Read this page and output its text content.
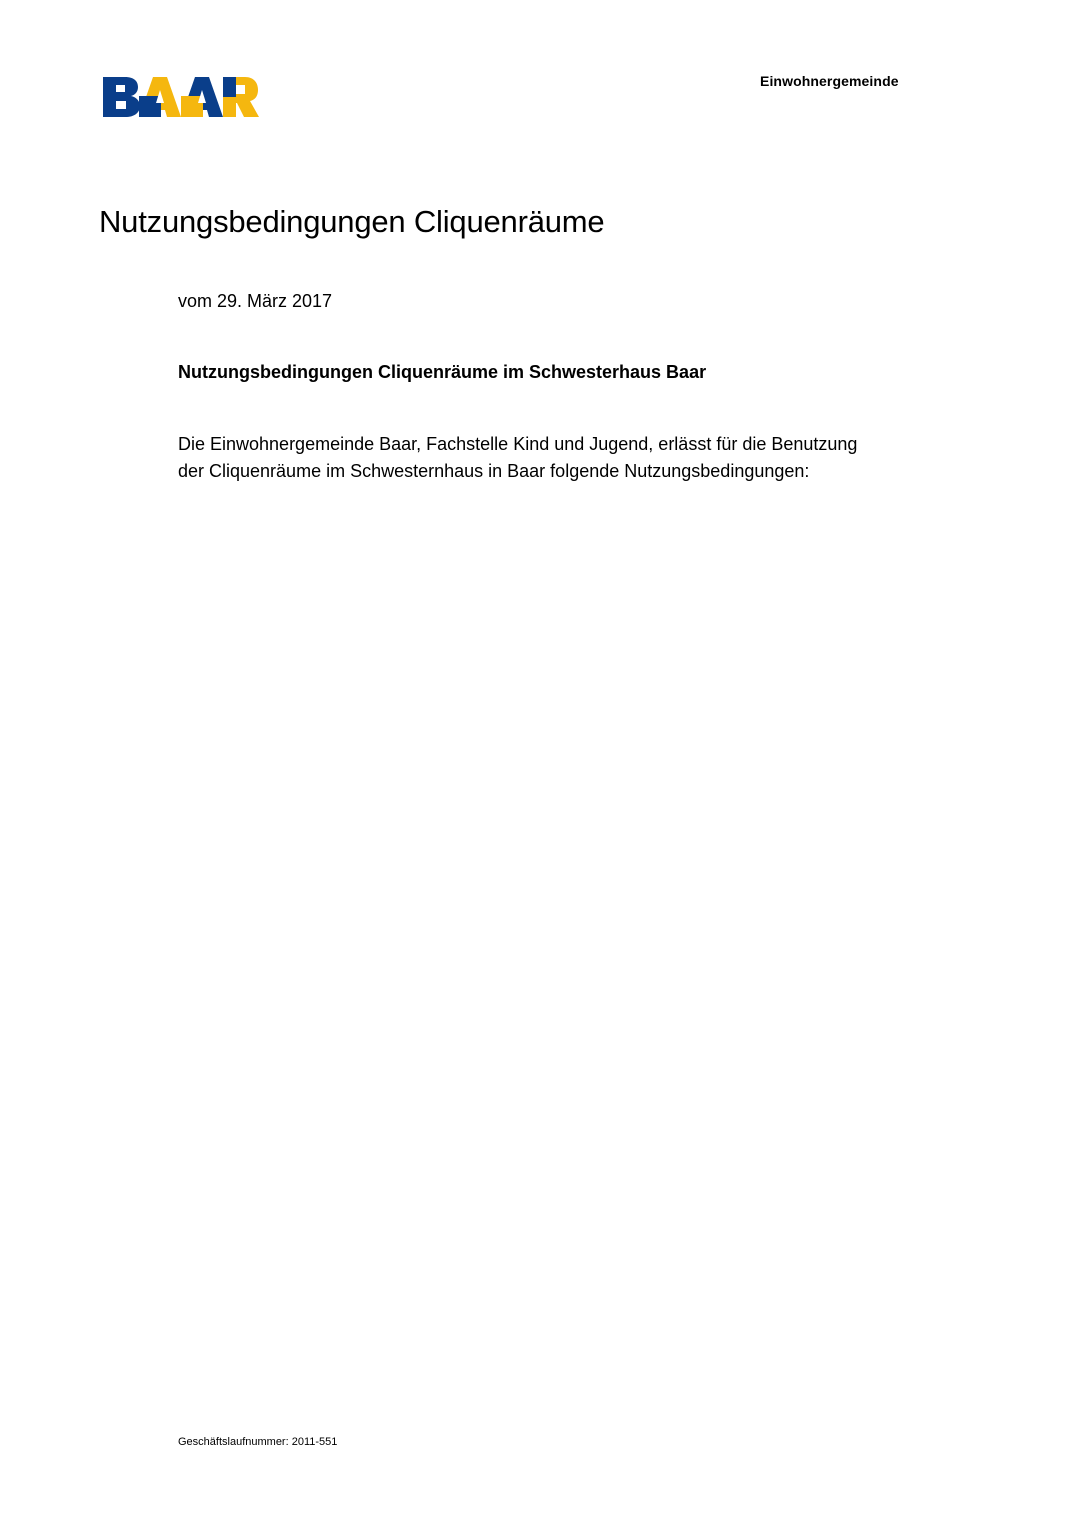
Einwohnergemeinde
Nutzungsbedingungen Cliquenräume
vom 29. März 2017
Nutzungsbedingungen Cliquenräume im Schwesterhaus Baar
Die Einwohnergemeinde Baar, Fachstelle Kind und Jugend, erlässt für die Benutzung
der Cliquenräume im Schwesternhaus in Baar folgende Nutzungsbedingungen:
Geschäftslaufnummer: 2011-551
